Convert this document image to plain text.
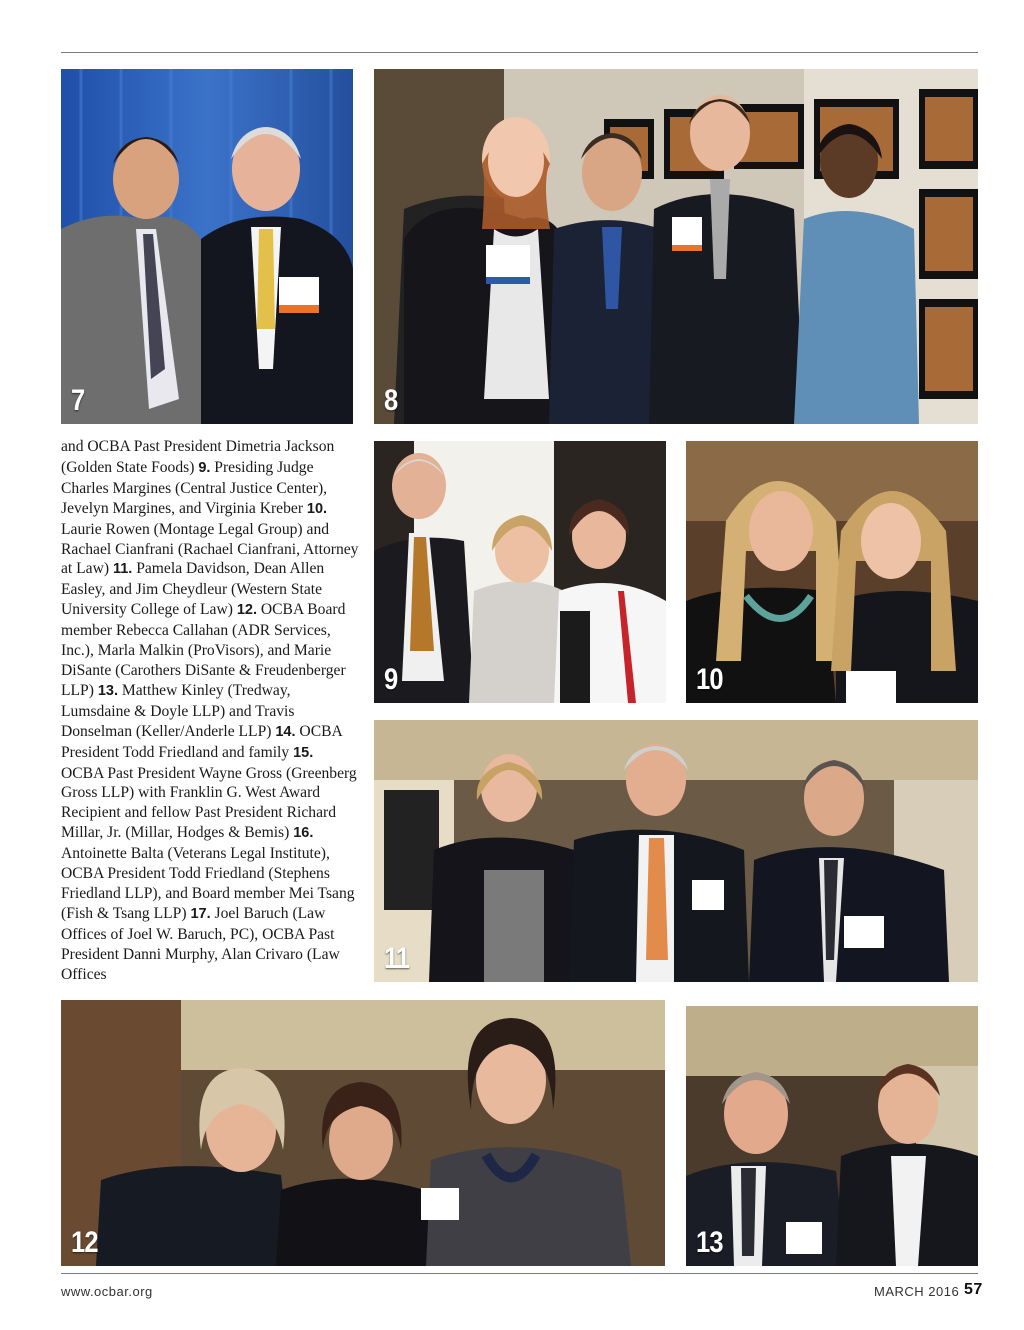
7	8

and OCBA Past President Dimetria Jackson (Golden State Foods) 9. Presiding Judge Charles Margines (Central Justice Center), Jevelyn Margines, and Virginia Kreber 10. Laurie Rowen (Montage Legal Group) and Rachael Cianfrani (Rachael Cianfrani, Attorney at Law) 11. Pamela Davidson, Dean Allen Easley, and Jim Cheydleur (Western State University College of Law) 12. OCBA Board member Rebecca Callahan (ADR Services, Inc.), Marla Malkin (ProVisors), and Marie DiSante (Carothers DiSante & Freudenberger LLP) 13. Matthew Kinley (Tredway, Lumsdaine & Doyle LLP) and Travis Donselman (Keller/Anderle LLP) 14. OCBA President Todd Friedland and family 15. OCBA Past President Wayne Gross (Greenberg Gross LLP) with Franklin G. West Award Recipient and fellow Past President Richard Millar, Jr. (Millar, Hodges & Bemis) 16. Antoinette Balta (Veterans Legal Institute), OCBA President Todd Friedland (Stephens Friedland LLP), and Board member Mei Tsang (Fish & Tsang LLP) 17. Joel Baruch (Law Offices of Joel W. Baruch, PC), OCBA Past President Danni Murphy, Alan Crivaro (Law Offices

9	10
11
12	13
www.ocbar.org	MARCH 2016 57
